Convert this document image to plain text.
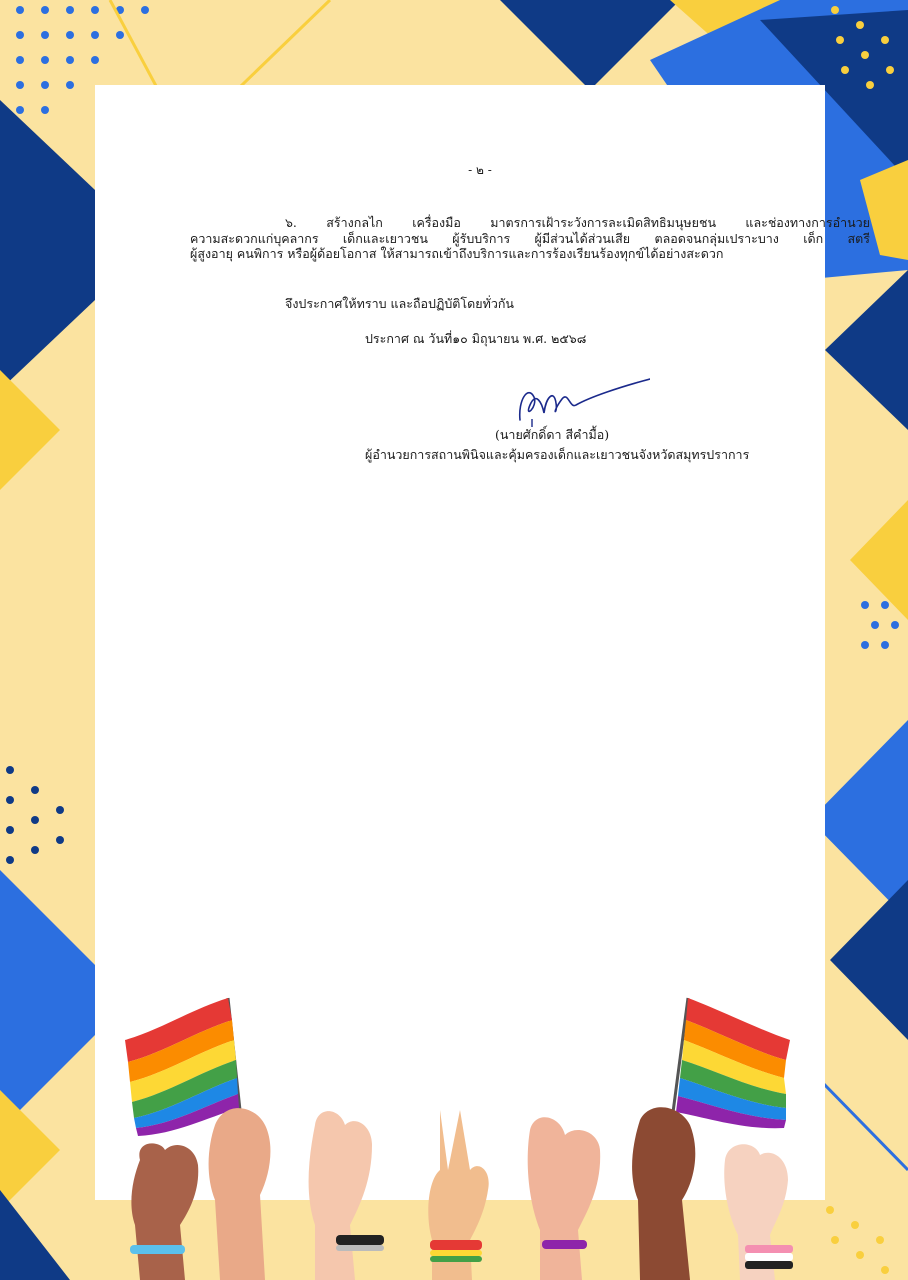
- ๒ -

๖. สร้างกลไก เครื่องมือ มาตรการเฝ้าระวังการละเมิดสิทธิมนุษยชน และช่องทางการอำนวย

ความสะดวกแก่บุคลากร เด็กและเยาวชน ผู้รับบริการ ผู้มีส่วนได้ส่วนเสีย ตลอดจนกลุ่มเปราะบาง เด็ก สตรี

ผู้สูงอายุ คนพิการ หรือผู้ด้อยโอกาส ให้สามารถเข้าถึงบริการและการร้องเรียนร้องทุกข์ได้อย่างสะดวก

จึงประกาศให้ทราบ และถือปฏิบัติโดยทั่วกัน
ประกาศ ณ วันที่๑๐ มิถุนายน พ.ศ. ๒๕๖๘
(นายศักดิ์ดา สีคำมื้อ)
ผู้อำนวยการสถานพินิจและคุ้มครองเด็กและเยาวชนจังหวัดสมุทรปราการ
